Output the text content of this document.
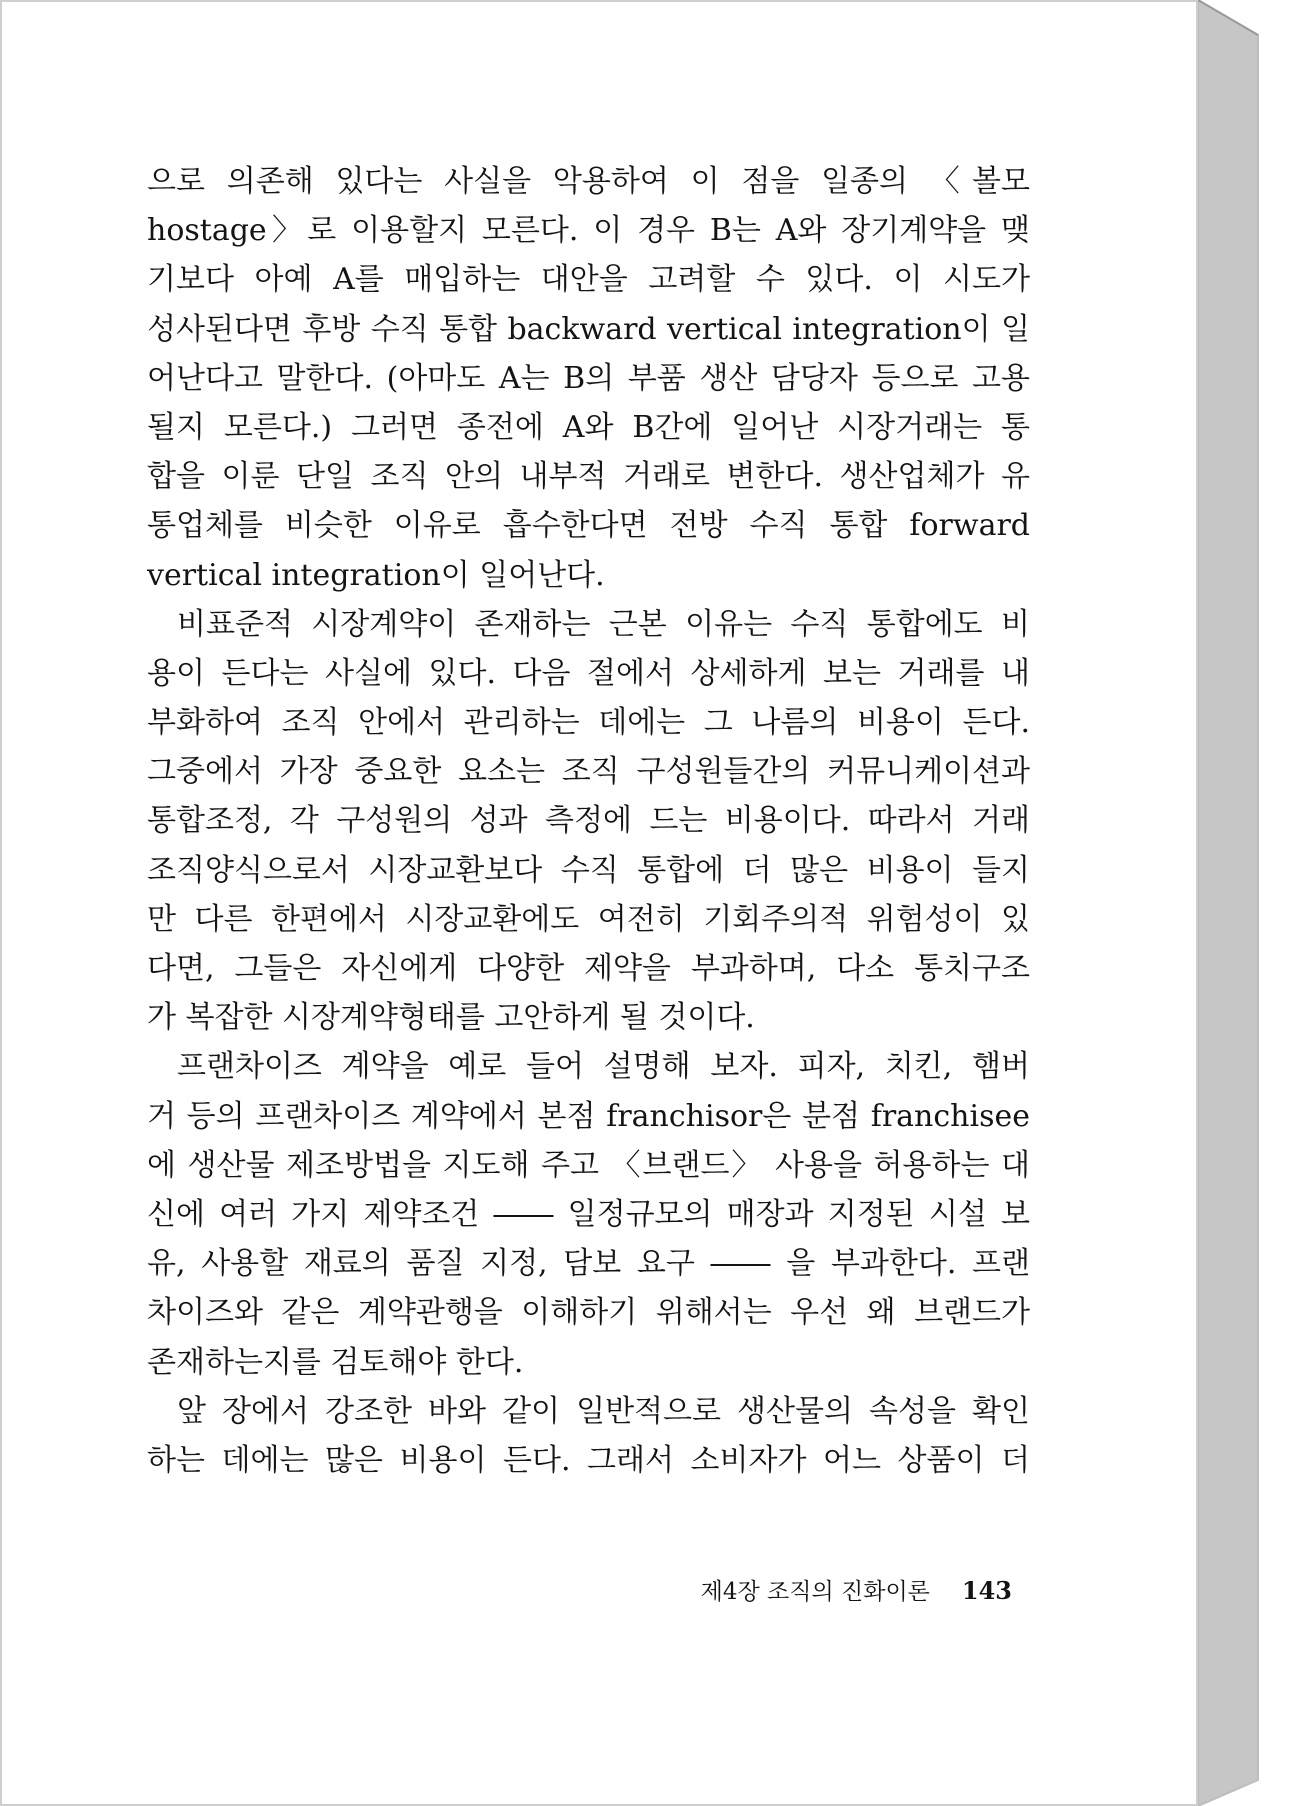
으로 의존해 있다는 사실을 악용하여 이 점을 일종의 〈볼모
hostage〉로 이용할지 모른다. 이 경우 B는 A와 장기계약을 맺
기보다 아예 A를 매입하는 대안을 고려할 수 있다. 이 시도가
성사된다면 후방 수직 통합 backward vertical integration이 일
어난다고 말한다. (아마도 A는 B의 부품 생산 담당자 등으로 고용
될지 모른다.) 그러면 종전에 A와 B간에 일어난 시장거래는 통
합을 이룬 단일 조직 안의 내부적 거래로 변한다. 생산업체가 유
통업체를 비슷한 이유로 흡수한다면 전방 수직 통합 forward
vertical integration이 일어난다.
비표준적 시장계약이 존재하는 근본 이유는 수직 통합에도 비
용이 든다는 사실에 있다. 다음 절에서 상세하게 보는 거래를 내
부화하여 조직 안에서 관리하는 데에는 그 나름의 비용이 든다.
그중에서 가장 중요한 요소는 조직 구성원들간의 커뮤니케이션과
통합조정, 각 구성원의 성과 측정에 드는 비용이다. 따라서 거래
조직양식으로서 시장교환보다 수직 통합에 더 많은 비용이 들지
만 다른 한편에서 시장교환에도 여전히 기회주의적 위험성이 있
다면, 그들은 자신에게 다양한 제약을 부과하며, 다소 통치구조
가 복잡한 시장계약형태를 고안하게 될 것이다.
프랜차이즈 계약을 예로 들어 설명해 보자. 피자, 치킨, 햄버
거 등의 프랜차이즈 계약에서 본점 franchisor은 분점 franchisee
에 생산물 제조방법을 지도해 주고 〈브랜드〉 사용을 허용하는 대
신에 여러 가지 제약조건 ―― 일정규모의 매장과 지정된 시설 보
유, 사용할 재료의 품질 지정, 담보 요구 ―― 을 부과한다. 프랜
차이즈와 같은 계약관행을 이해하기 위해서는 우선 왜 브랜드가
존재하는지를 검토해야 한다.
앞 장에서 강조한 바와 같이 일반적으로 생산물의 속성을 확인
하는 데에는 많은 비용이 든다. 그래서 소비자가 어느 상품이 더
제4장 조직의 진화이론 143
